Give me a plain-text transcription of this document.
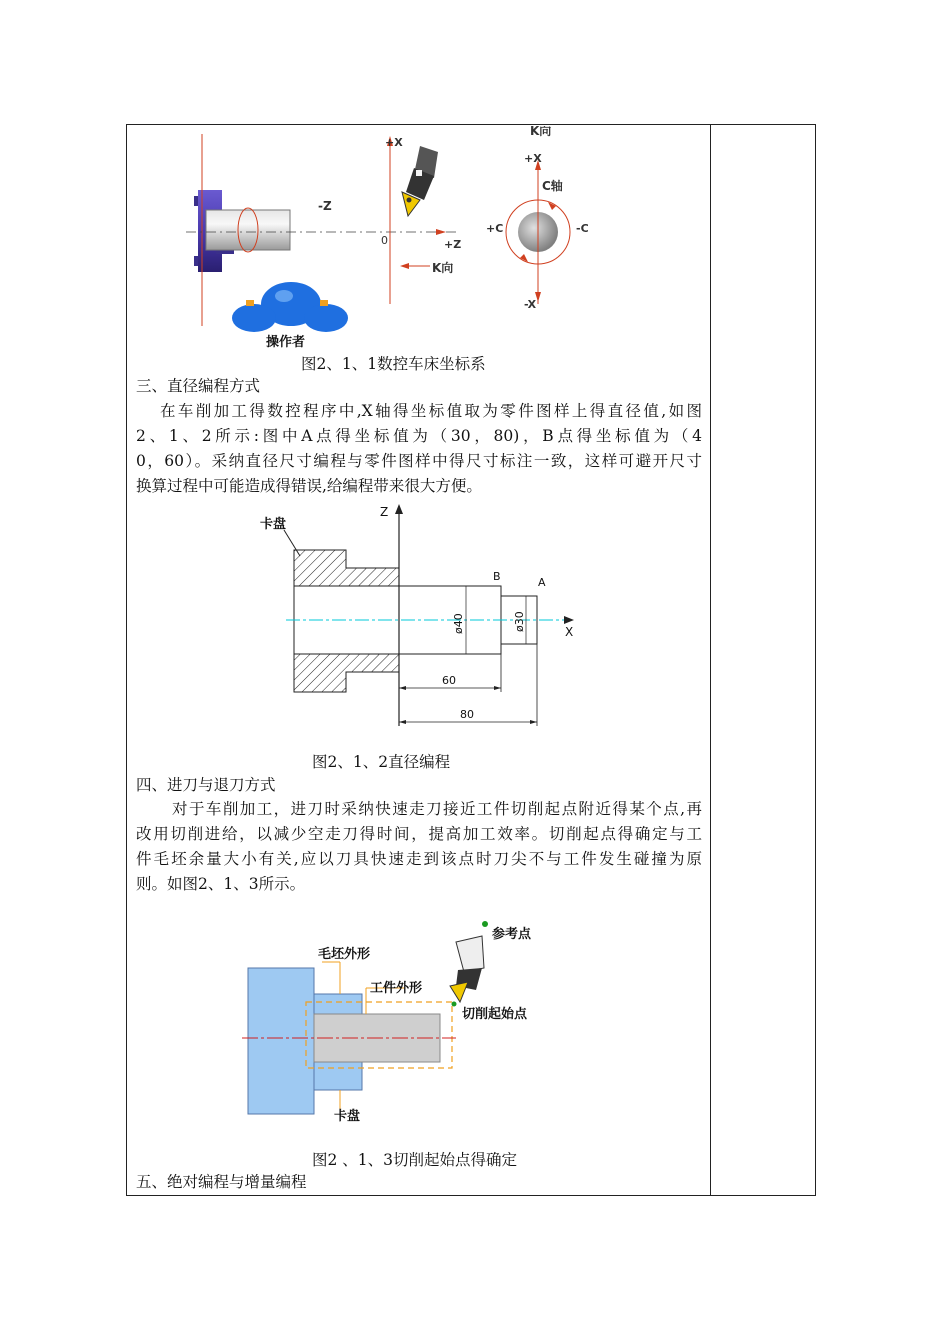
+X
-Z
0	+Z
K向
操作者
K向
+X
C轴
+C	-C
-X
图2、1、1数控车床坐标系
三、直径编程方式
在车削加工得数控程序中,X轴得坐标值取为零件图样上得直径值,如图
2、1、2所示:图中A点得坐标值为（30，80)，B点得坐标值为（4
0，60）。采纳直径尺寸编程与零件图样中得尺寸标注一致，这样可避开尺寸
换算过程中可能造成得错误,给编程带来很大方便。
卡盘
Z
B	A
X
ø40	ø30
60
80
图2、1、2直径编程
四、进刀与退刀方式
对于车削加工，进刀时采纳快速走刀接近工件切削起点附近得某个点,再
改用切削进给，以减少空走刀得时间，提高加工效率。切削起点得确定与工
件毛坯余量大小有关,应以刀具快速走到该点时刀尖不与工件发生碰撞为原
则。如图2、1、3所示。
参考点
毛坯外形
工件外形
切削起始点
卡盘
图2 、1、3切削起始点得确定
五、绝对编程与增量编程
